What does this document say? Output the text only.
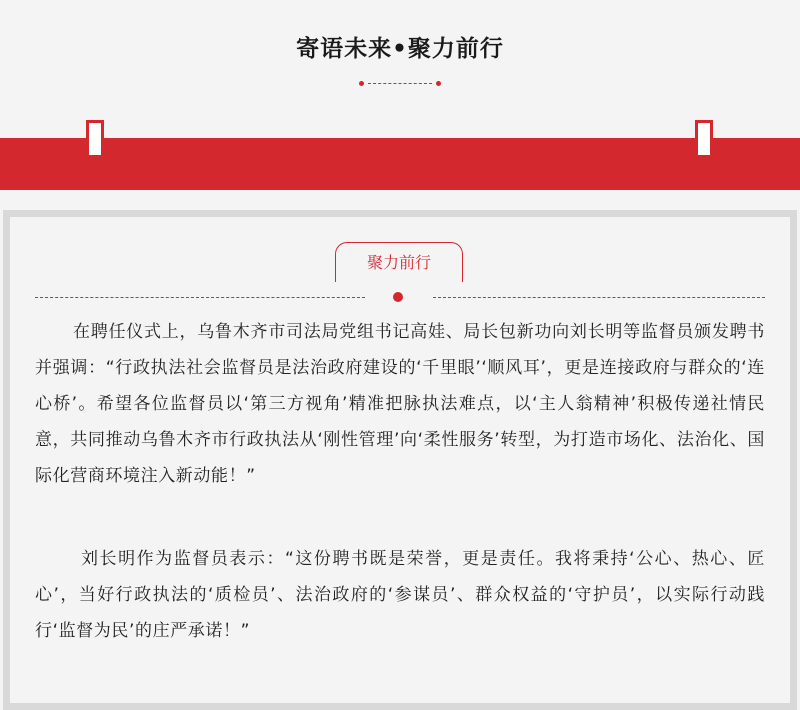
寄语未来•聚力前行
聚力前行

在聘任仪式上，乌鲁木齐市司法局党组书记高娃、局长包新功向刘长明等监督员颁发聘书并强调：“行政执法社会监督员是法治政府建设的‘千里眼’‘顺风耳’，更是连接政府与群众的‘连心桥’。希望各位监督员以‘第三方视角’精准把脉执法难点，以‘主人翁精神’积极传递社情民意，共同推动乌鲁木齐市行政执法从‘刚性管理’向‘柔性服务’转型，为打造市场化、法治化、国际化营商环境注入新动能！”

刘长明作为监督员表示：“这份聘书既是荣誉，更是责任。我将秉持‘公心、热心、匠心’，当好行政执法的‘质检员’、法治政府的‘参谋员’、群众权益的‘守护员’，以实际行动践行‘监督为民’的庄严承诺！”
